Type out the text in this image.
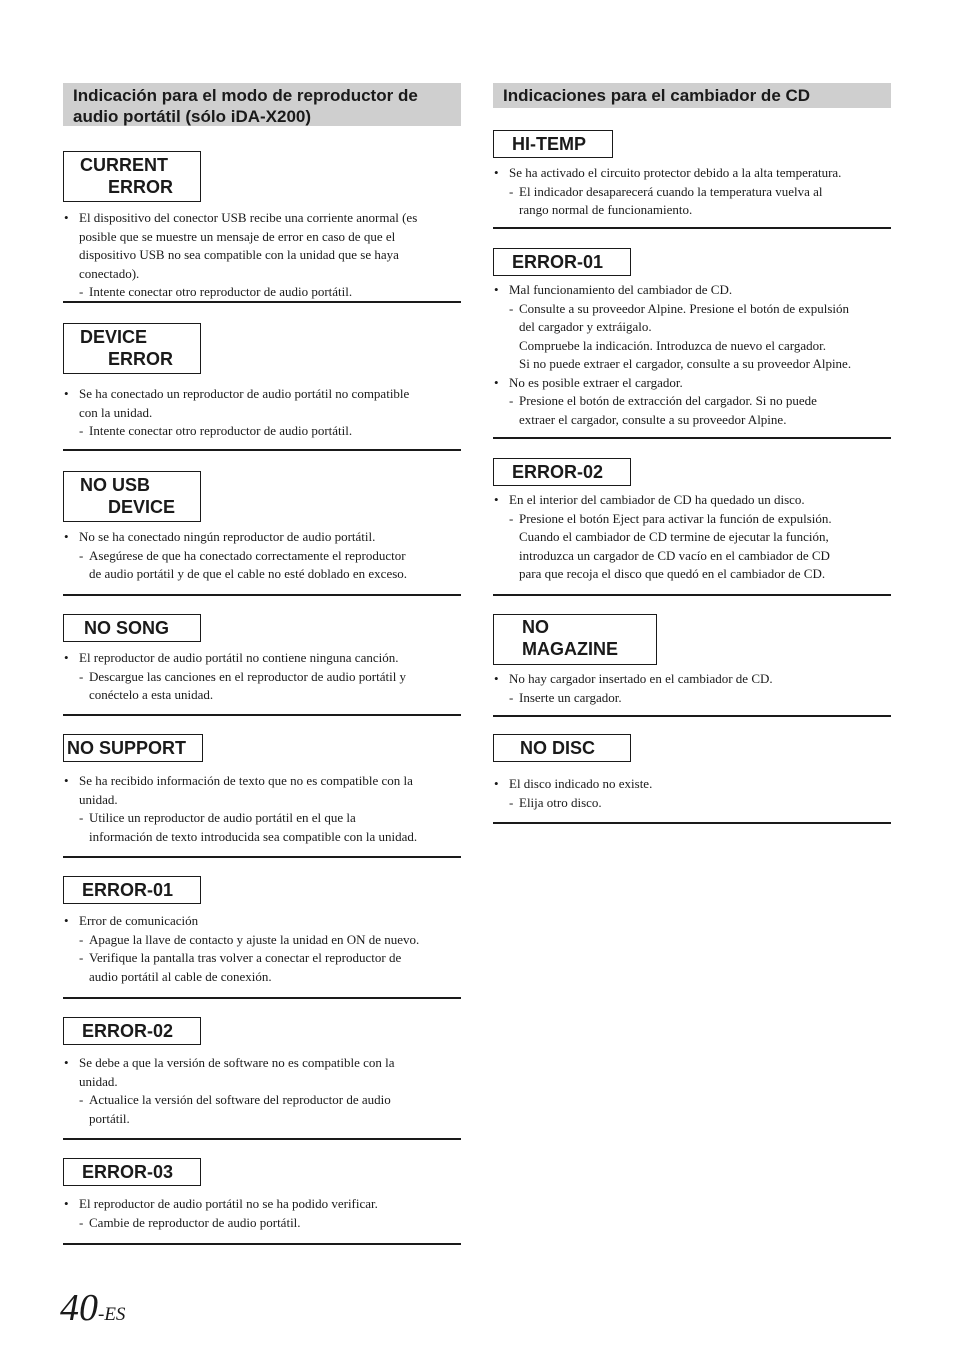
Indicación para el modo de reproductor de
audio portátil (sólo iDA-X200)
CURRENT
ERROR
• El dispositivo del conector USB recibe una corriente anormal (es
posible que se muestre un mensaje de error en caso de que el
dispositivo USB no sea compatible con la unidad que se haya
conectado).
- Intente conectar otro reproductor de audio portátil.
DEVICE
ERROR
• Se ha conectado un reproductor de audio portátil no compatible
con la unidad.
- Intente conectar otro reproductor de audio portátil.
NO USB
DEVICE
• No se ha conectado ningún reproductor de audio portátil.
- Asegúrese de que ha conectado correctamente el reproductor
de audio portátil y de que el cable no esté doblado en exceso.
NO SONG
• El reproductor de audio portátil no contiene ninguna canción.
- Descargue las canciones en el reproductor de audio portátil y
conéctelo a esta unidad.
NO SUPPORT
• Se ha recibido información de texto que no es compatible con la
unidad.
- Utilice un reproductor de audio portátil en el que la
información de texto introducida sea compatible con la unidad.
ERROR-01
• Error de comunicación
- Apague la llave de contacto y ajuste la unidad en ON de nuevo.
- Verifique la pantalla tras volver a conectar el reproductor de
audio portátil al cable de conexión.
ERROR-02
• Se debe a que la versión de software no es compatible con la
unidad.
- Actualice la versión del software del reproductor de audio
portátil.
ERROR-03
• El reproductor de audio portátil no se ha podido verificar.
- Cambie de reproductor de audio portátil.
Indicaciones para el cambiador de CD
HI-TEMP
• Se ha activado el circuito protector debido a la alta temperatura.
- El indicador desaparecerá cuando la temperatura vuelva al
rango normal de funcionamiento.
ERROR-01
• Mal funcionamiento del cambiador de CD.
- Consulte a su proveedor Alpine. Presione el botón de expulsión
del cargador y extráigalo.
Compruebe la indicación. Introduzca de nuevo el cargador.
Si no puede extraer el cargador, consulte a su proveedor Alpine.
• No es posible extraer el cargador.
- Presione el botón de extracción del cargador. Si no puede
extraer el cargador, consulte a su proveedor Alpine.
ERROR-02
• En el interior del cambiador de CD ha quedado un disco.
- Presione el botón Eject para activar la función de expulsión.
Cuando el cambiador de CD termine de ejecutar la función,
introduzca un cargador de CD vacío en el cambiador de CD
para que recoja el disco que quedó en el cambiador de CD.
NO
MAGAZINE
• No hay cargador insertado en el cambiador de CD.
- Inserte un cargador.
NO DISC
• El disco indicado no existe.
- Elija otro disco.
40-ES
